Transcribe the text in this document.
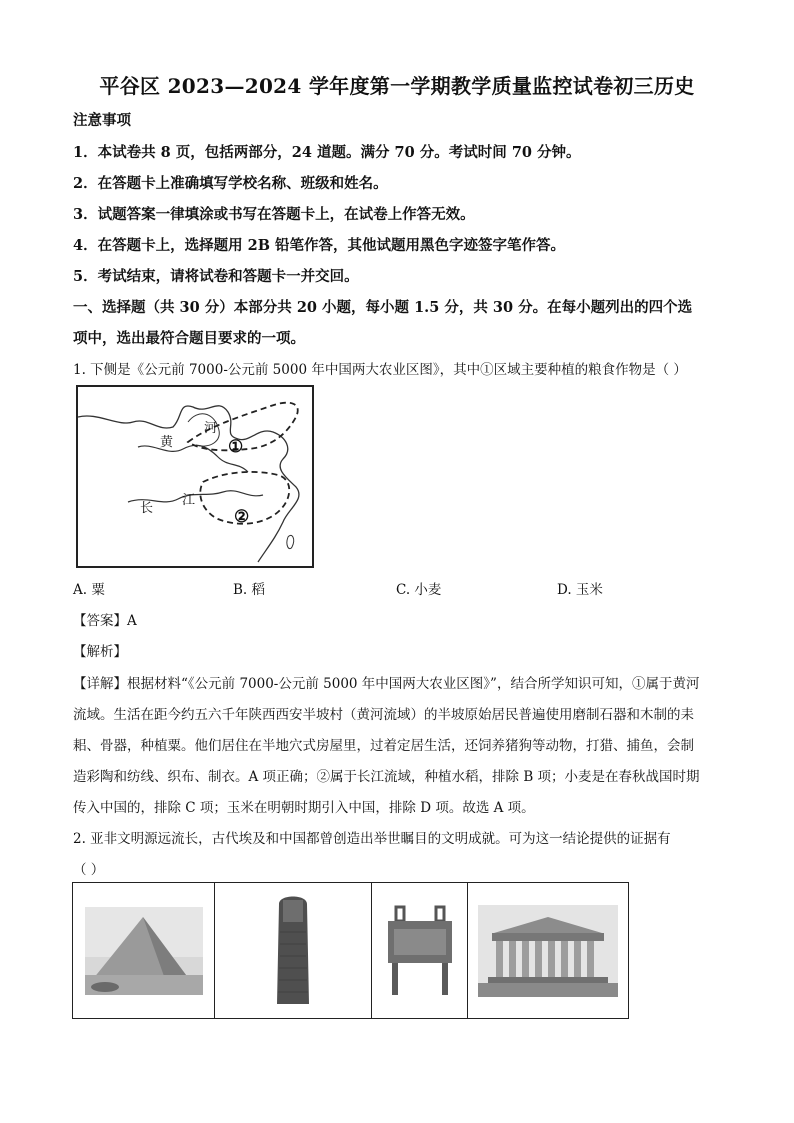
平谷区 2023—2024 学年度第一学期教学质量监控试卷初三历史
注意事项
1．本试卷共 8 页，包括两部分，24 道题。满分 70 分。考试时间 70 分钟。
2．在答题卡上准确填写学校名称、班级和姓名。
3．试题答案一律填涂或书写在答题卡上，在试卷上作答无效。
4．在答题卡上，选择题用 2B 铅笔作答，其他试题用黑色字迹签字笔作答。
5．考试结束，请将试卷和答题卡一并交回。
一、选择题（共 30 分）本部分共 20 小题，每小题 1.5 分，共 30 分。在每小题列出的四个选
项中，选出最符合题目要求的一项。
1. 下侧是《公元前 7000-公元前 5000 年中国两大农业区图》，其中①区域主要种植的粮食作物是（ ）
黄
河
长
江
①
②
A. 粟	B. 稻	C. 小麦	D. 玉米
【答案】A
【解析】
【详解】根据材料“《公元前 7000-公元前 5000 年中国两大农业区图》”，结合所学知识可知，①属于黄河
流域。生活在距今约五六千年陕西西安半坡村（黄河流域）的半坡原始居民普遍使用磨制石器和木制的耒
耜、骨器，种植粟。他们居住在半地穴式房屋里，过着定居生活，还饲养猪狗等动物，打猎、捕鱼，会制
造彩陶和纺线、织布、制衣。A 项正确；②属于长江流域，种植水稻，排除 B 项；小麦是在春秋战国时期
传入中国的，排除 C 项；玉米在明朝时期引入中国，排除 D 项。故选 A 项。
2. 亚非文明源远流长，古代埃及和中国都曾创造出举世瞩目的文明成就。可为这一结论提供的证据有
（ ）
